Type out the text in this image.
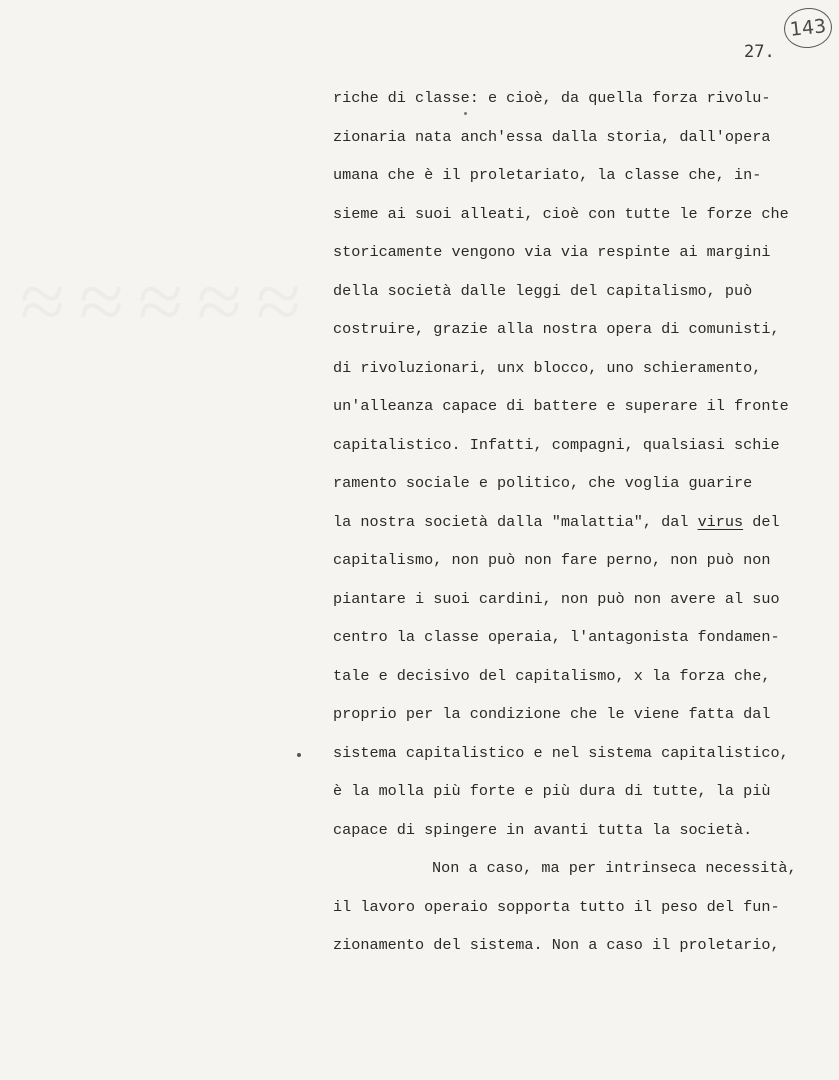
≈≈≈≈≈
143
27.
riche di classe: e cioè, da quella forza rivolu-
zionaria nata anch'essa dalla storia, dall'opera
umana che è il proletariato, la classe che, in-
sieme ai suoi alleati, cioè con tutte le forze che
storicamente vengono via via respinte ai margini
della società dalle leggi del capitalismo, può
costruire, grazie alla nostra opera di comunisti,
di rivoluzionari, unx blocco, uno schieramento,
un'alleanza capace di battere e superare il fronte
capitalistico. Infatti, compagni, qualsiasi schie
ramento sociale e politico, che voglia guarire
la nostra società dalla "malattia", dal virus del
capitalismo, non può non fare perno, non può non
piantare i suoi cardini, non può non avere al suo
centro la classe operaia, l'antagonista fondamen-
tale e decisivo del capitalismo, x la forza che,
proprio per la condizione che le viene fatta dal
sistema capitalistico e nel sistema capitalistico,
è la molla più forte e più dura di tutte, la più
capace di spingere in avanti tutta la società.
Non a caso, ma per intrinseca necessità,
il lavoro operaio sopporta tutto il peso del fun-
zionamento del sistema. Non a caso il proletario,
